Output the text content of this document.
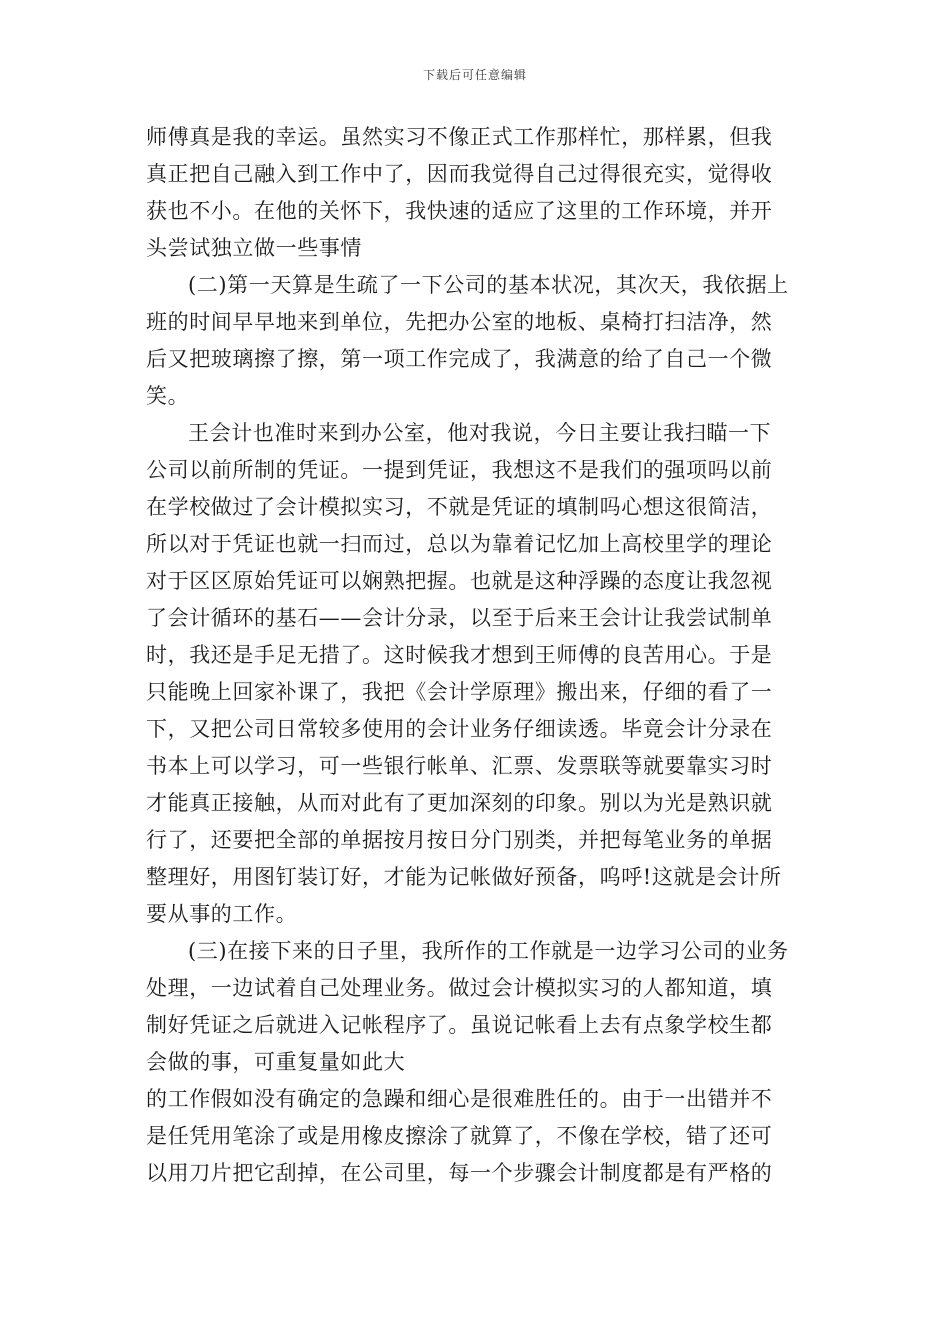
下载后可任意编辑
师傅真是我的幸运。虽然实习不像正式工作那样忙，那样累，但我
真正把自己融入到工作中了，因而我觉得自己过得很充实，觉得收
获也不小。在他的关怀下，我快速的适应了这里的工作环境，并开
头尝试独立做一些事情
(二)第一天算是生疏了一下公司的基本状况，其次天，我依据上
班的时间早早地来到单位，先把办公室的地板、桌椅打扫洁净，然
后又把玻璃擦了擦，第一项工作完成了，我满意的给了自己一个微
笑。
王会计也准时来到办公室，他对我说，今日主要让我扫瞄一下
公司以前所制的凭证。一提到凭证，我想这不是我们的强项吗以前
在学校做过了会计模拟实习，不就是凭证的填制吗心想这很简洁，
所以对于凭证也就一扫而过，总以为靠着记忆加上高校里学的理论
对于区区原始凭证可以娴熟把握。也就是这种浮躁的态度让我忽视
了会计循环的基石——会计分录，以至于后来王会计让我尝试制单
时，我还是手足无措了。这时候我才想到王师傅的良苦用心。于是
只能晚上回家补课了，我把《会计学原理》搬出来，仔细的看了一
下，又把公司日常较多使用的会计业务仔细读透。毕竟会计分录在
书本上可以学习，可一些银行帐单、汇票、发票联等就要靠实习时
才能真正接触，从而对此有了更加深刻的印象。别以为光是熟识就
行了，还要把全部的单据按月按日分门别类，并把每笔业务的单据
整理好，用图钉装订好，才能为记帐做好预备，呜呼!这就是会计所
要从事的工作。
(三)在接下来的日子里，我所作的工作就是一边学习公司的业务
处理，一边试着自己处理业务。做过会计模拟实习的人都知道，填
制好凭证之后就进入记帐程序了。虽说记帐看上去有点象学校生都
会做的事，可重复量如此大
的工作假如没有确定的急躁和细心是很难胜任的。由于一出错并不
是任凭用笔涂了或是用橡皮擦涂了就算了，不像在学校，错了还可
以用刀片把它刮掉，在公司里，每一个步骤会计制度都是有严格的
